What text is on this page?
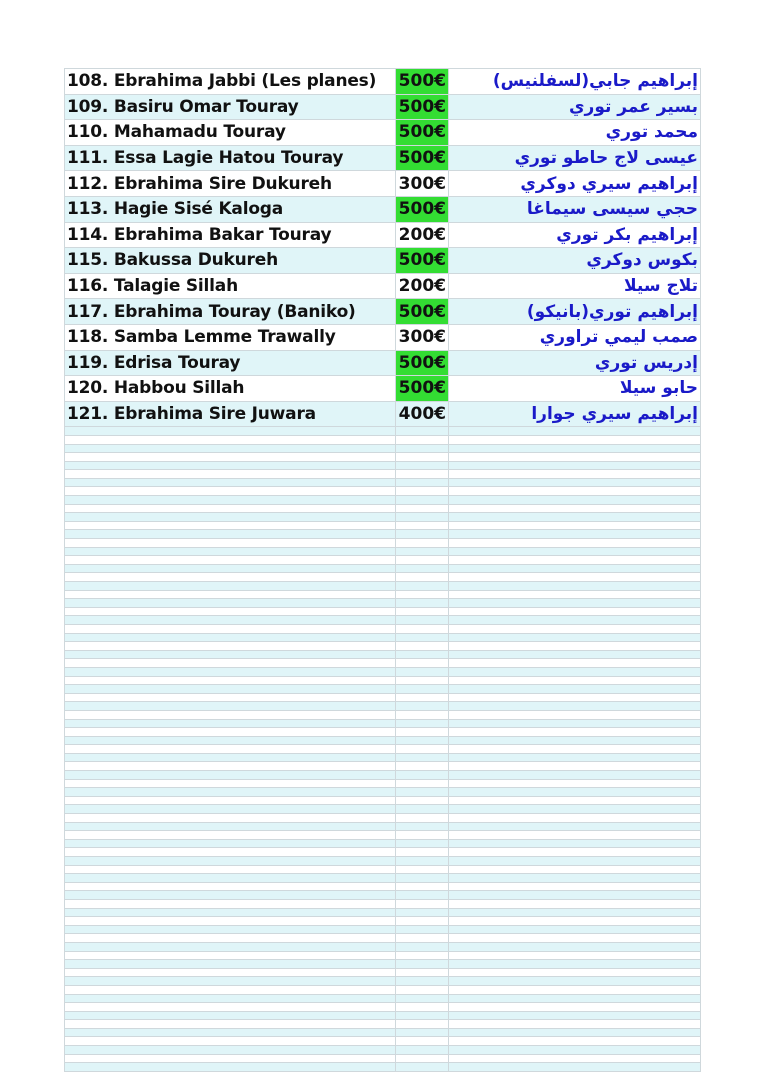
108. Ebrahima Jabbi (Les planes)	500€	إبراهيم جابي(لسفلنيس)
109. Basiru Omar Touray	500€	بسير عمر توري
110. Mahamadu Touray	500€	محمد توري
111. Essa Lagie Hatou Touray	500€	عيسى لاج حاطو توري
112. Ebrahima Sire Dukureh	300€	إبراهيم سيري دوكري
113. Hagie Sisé Kaloga	500€	حجي سيسى سيماغا
114. Ebrahima Bakar Touray	200€	إبراهيم بكر توري
115. Bakussa Dukureh	500€	بكوس دوكري
116. Talagie Sillah	200€	تلاج سيلا
117. Ebrahima Touray (Baniko)	500€	إبراهيم توري(بانيكو)
118. Samba Lemme Trawally	300€	صمب ليمي تراوري
119. Edrisa Touray	500€	إدريس توري
120. Habbou Sillah	500€	حابو سيلا
121. Ebrahima Sire Juwara	400€	إبراهيم سيري جوارا
